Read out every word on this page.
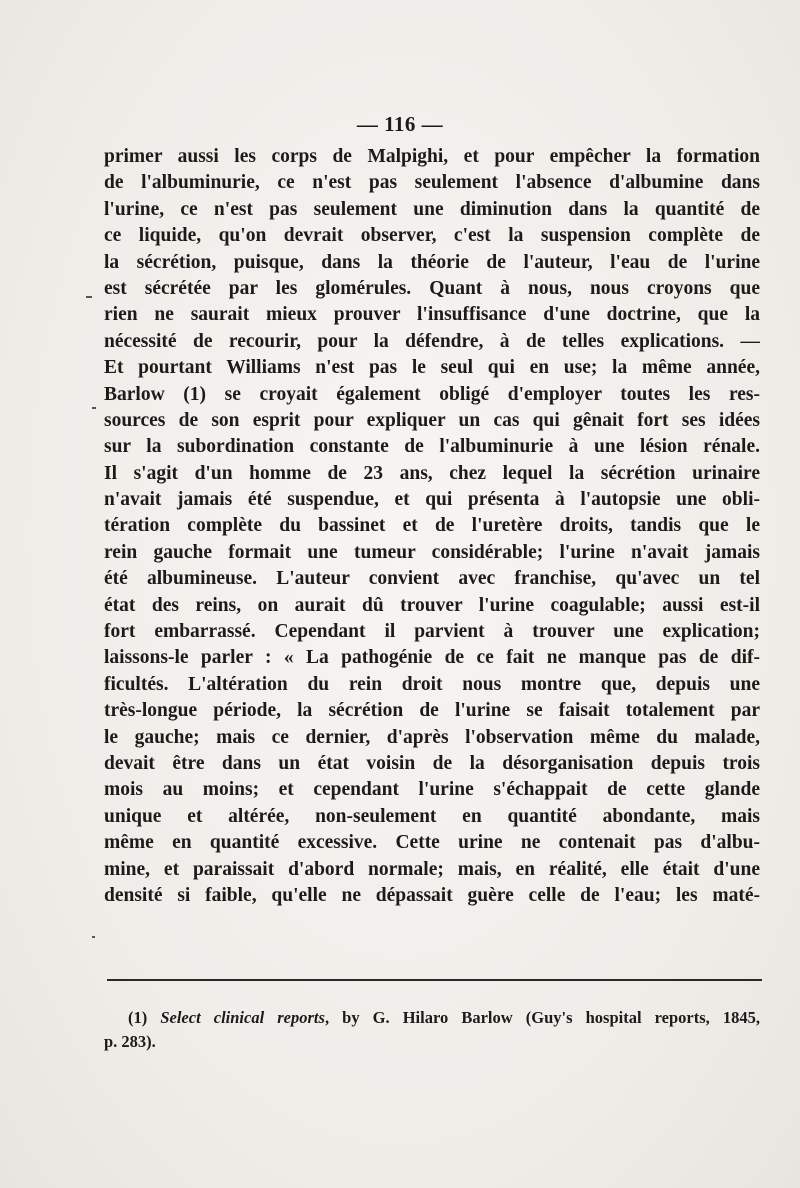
— 116 —
primer aussi les corps de Malpighi, et pour empêcher la formation
de l'albuminurie, ce n'est pas seulement l'absence d'albumine dans
l'urine, ce n'est pas seulement une diminution dans la quantité de
ce liquide, qu'on devrait observer, c'est la suspension complète de
la sécrétion, puisque, dans la théorie de l'auteur, l'eau de l'urine
est sécrétée par les glomérules. Quant à nous, nous croyons que
rien ne saurait mieux prouver l'insuffisance d'une doctrine, que la
nécessité de recourir, pour la défendre, à de telles explications. —
Et pourtant Williams n'est pas le seul qui en use; la même année,
Barlow (1) se croyait également obligé d'employer toutes les res-
sources de son esprit pour expliquer un cas qui gênait fort ses idées
sur la subordination constante de l'albuminurie à une lésion rénale.
Il s'agit d'un homme de 23 ans, chez lequel la sécrétion urinaire
n'avait jamais été suspendue, et qui présenta à l'autopsie une obli-
tération complète du bassinet et de l'uretère droits, tandis que le
rein gauche formait une tumeur considérable; l'urine n'avait jamais
été albumineuse. L'auteur convient avec franchise, qu'avec un tel
état des reins, on aurait dû trouver l'urine coagulable; aussi est-il
fort embarrassé. Cependant il parvient à trouver une explication;
laissons-le parler : « La pathogénie de ce fait ne manque pas de dif-
ficultés. L'altération du rein droit nous montre que, depuis une
très-longue période, la sécrétion de l'urine se faisait totalement par
le gauche; mais ce dernier, d'après l'observation même du malade,
devait être dans un état voisin de la désorganisation depuis trois
mois au moins; et cependant l'urine s'échappait de cette glande
unique et altérée, non-seulement en quantité abondante, mais
même en quantité excessive. Cette urine ne contenait pas d'albu-
mine, et paraissait d'abord normale; mais, en réalité, elle était d'une
densité si faible, qu'elle ne dépassait guère celle de l'eau; les maté-
(1) Select clinical reports, by G. Hilaro Barlow (Guy's hospital reports, 1845,
p. 283).
